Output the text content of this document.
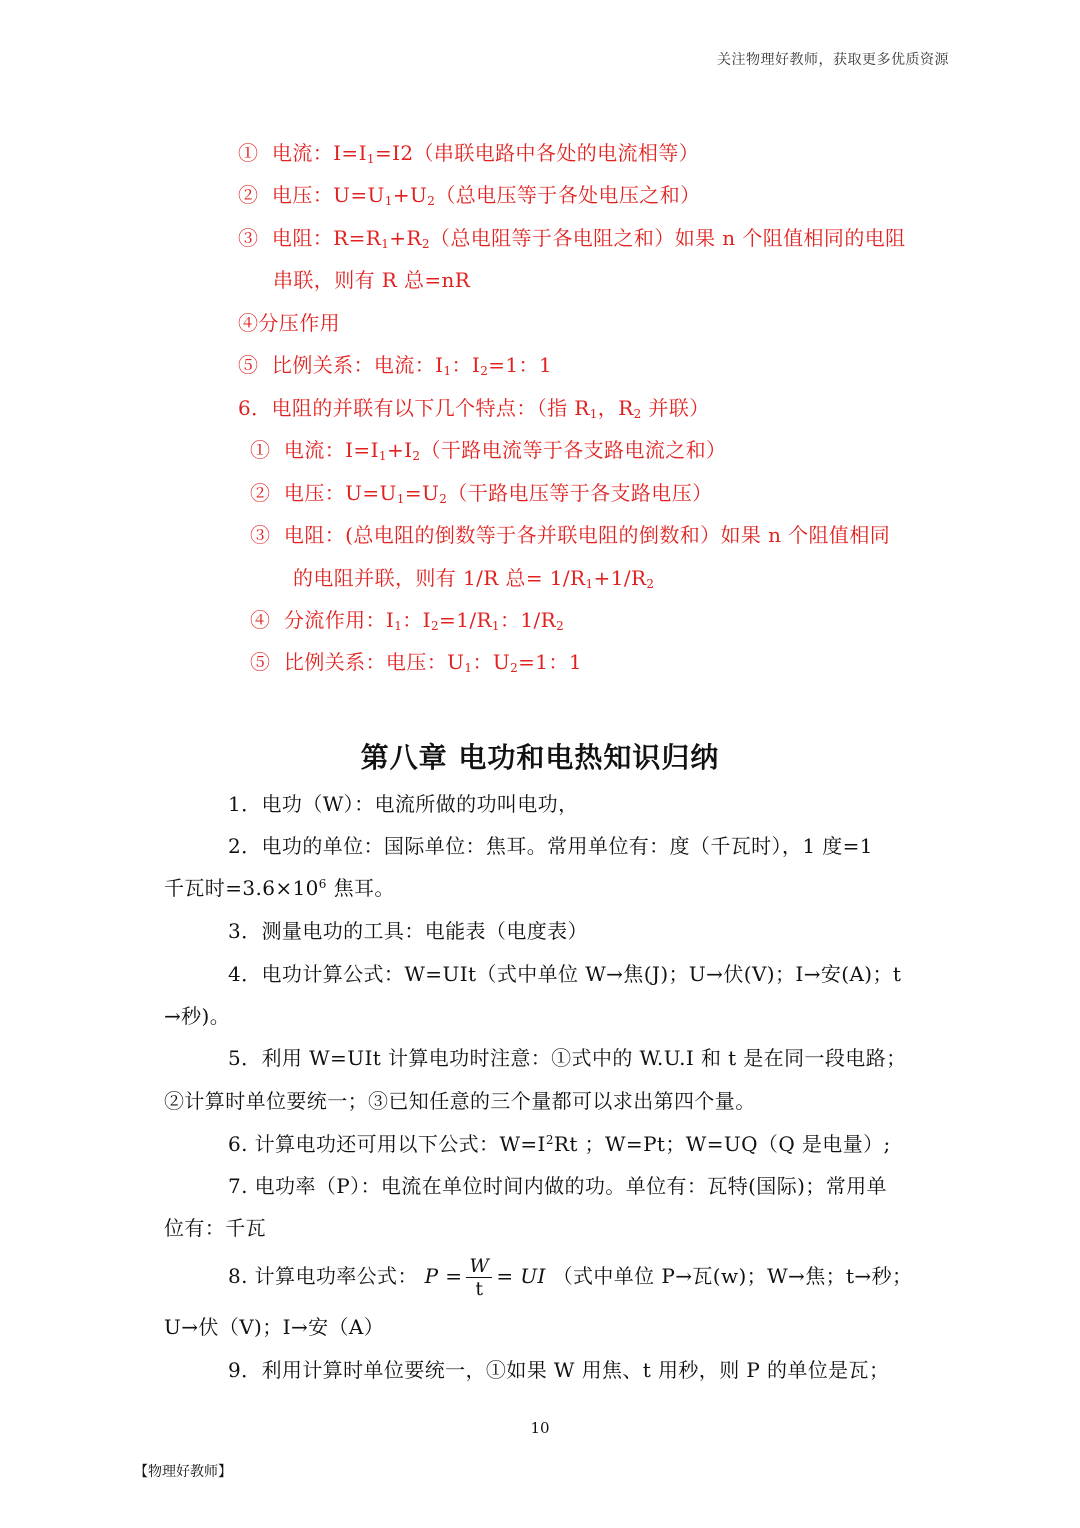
关注物理好教师，获取更多优质资源
① 电流：$I=I_1=I2$（串联电路中各处的电流相等）
② 电压：$U=U_1+U_2$（总电压等于各处电压之和）
③ 电阻：$R=R_1+R_2$（总电阻等于各电阻之和）如果 n 个阻值相同的电阻
串联，则有 R 总=nR
④分压作用
⑤ 比例关系：电流：$I_1$：$I_2=1$：1
6．电阻的并联有以下几个特点：（指 $R_1$，$R_2$ 并联）
① 电流：$I=I_1+I_2$（干路电流等于各支路电流之和）
② 电压：$U=U_1=U_2$（干路电压等于各支路电压）
③ 电阻：(总电阻的倒数等于各并联电阻的倒数和）如果 n 个阻值相同
的电阻并联，则有 1/R 总= $1/R_1+1/R_2$
④ 分流作用：$I_1$：$I_2=1/R_1$：$1/R_2$
⑤ 比例关系：电压：$U_1$：$U_2=1$：1
第八章 电功和电热知识归纳
1．电功（W）：电流所做的功叫电功，
2．电功的单位：国际单位：焦耳。常用单位有：度（千瓦时），1 度=1
千瓦时$=3.6\times 10^6$ 焦耳。
3．测量电功的工具：电能表（电度表）
4．电功计算公式：W=UIt（式中单位 W→焦(J)；U→伏(V)；I→安(A)；t
→秒)。
5．利用 W=UIt 计算电功时注意：①式中的 W.U.I 和 t 是在同一段电路；
②计算时单位要统一；③已知任意的三个量都可以求出第四个量。
6. 计算电功还可用以下公式：$W=I^2Rt$ ；W=Pt；W=UQ（Q 是电量）;
7. 电功率（P）：电流在单位时间内做的功。单位有：瓦特(国际)；常用单
位有：千瓦
8. 计算电功率公式： $P = \frac{W}{t}$ = UI （式中单位 P→瓦(w)；W→焦；t→秒；
U→伏（V)；I→安（A）
9．利用计算时单位要统一，①如果 W 用焦、t 用秒，则 P 的单位是瓦；
10
【物理好教师】
